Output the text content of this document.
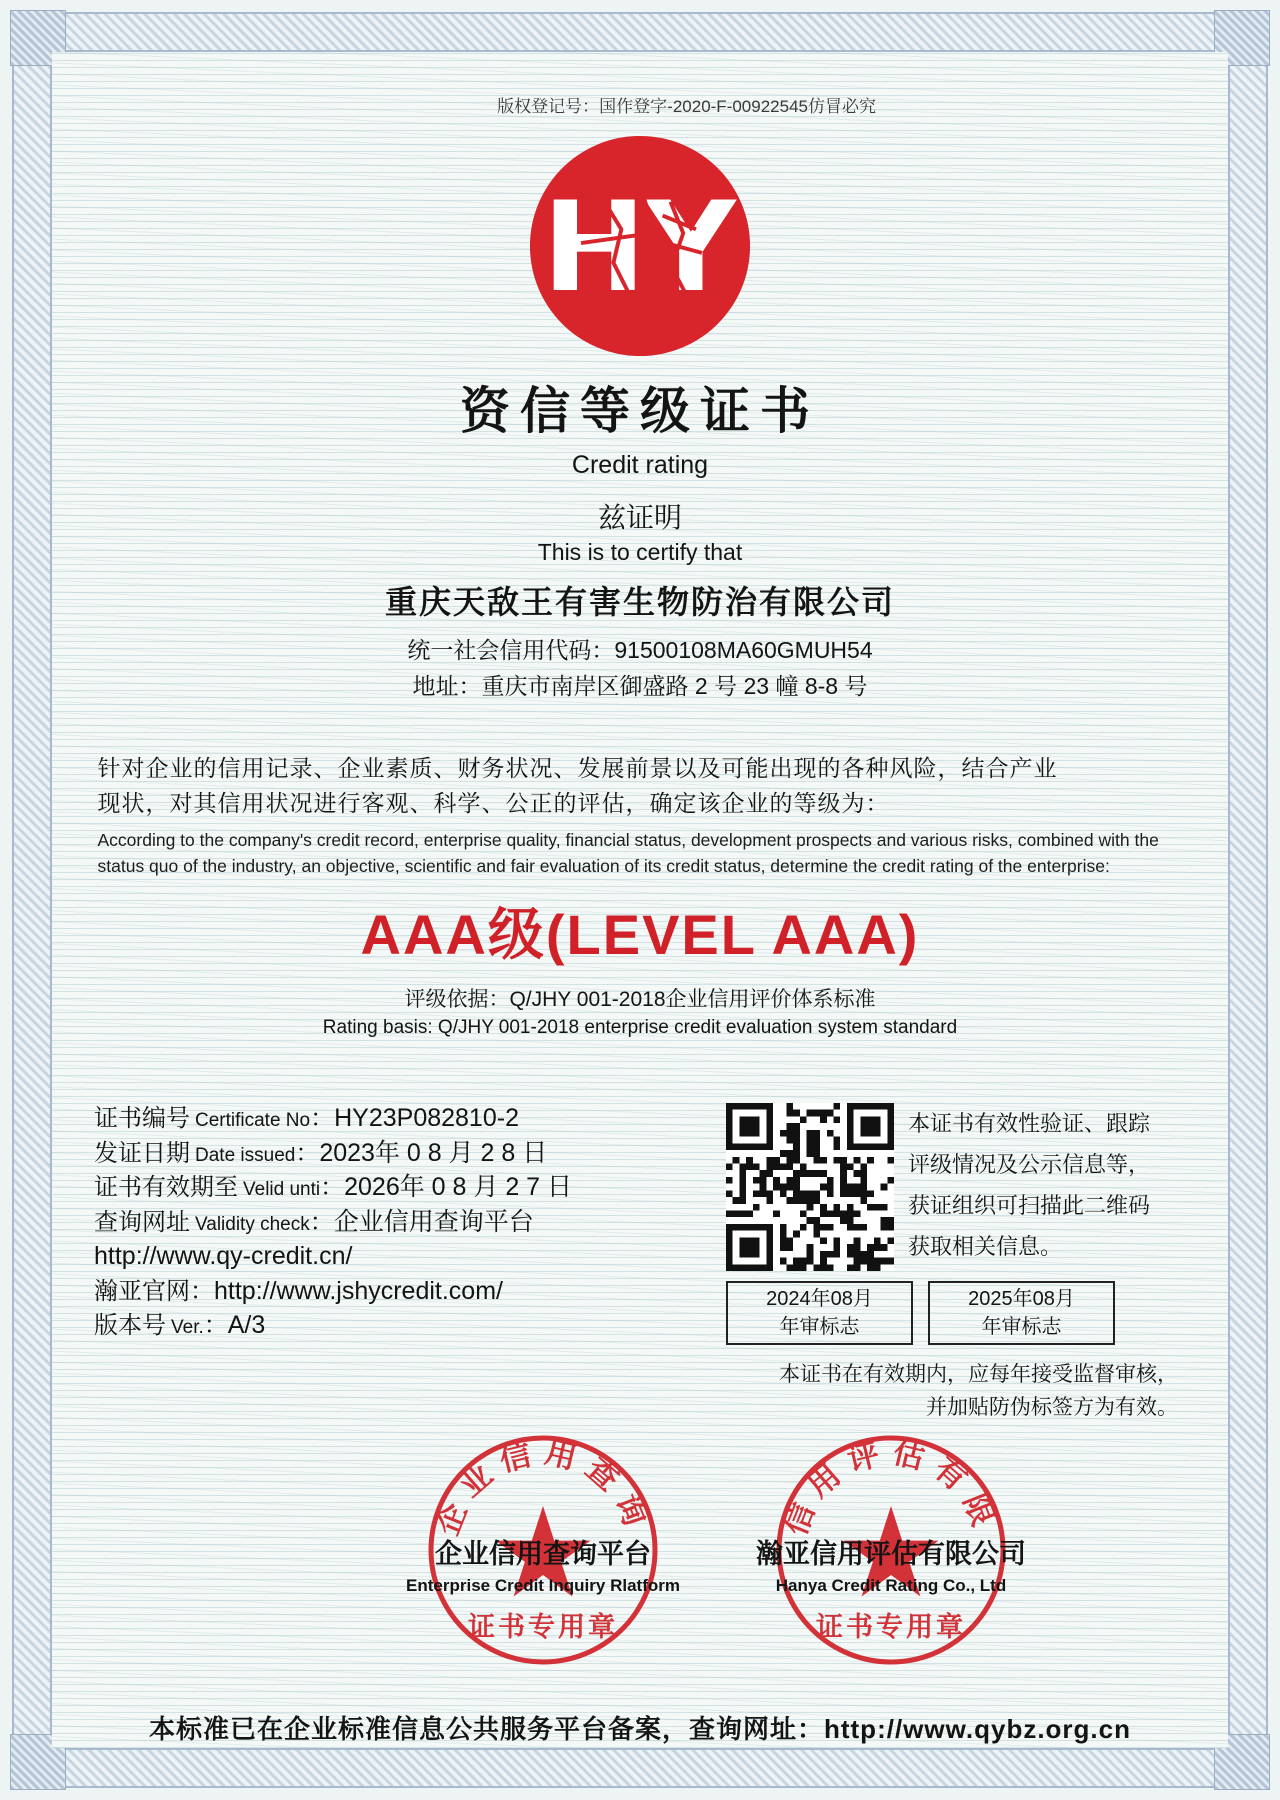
版权登记号：国作登字-2020-F-00922545仿冒必究
HY
资信等级证书
Credit rating
兹证明
This is to certify that
重庆天敌王有害生物防治有限公司
统一社会信用代码：91500108MA60GMUH54
地址：重庆市南岸区御盛路 2 号 23 幢 8-8 号
针对企业的信用记录、企业素质、财务状况、发展前景以及可能出现的各种风险，结合产业
现状，对其信用状况进行客观、科学、公正的评估，确定该企业的等级为：
According to the company's credit record, enterprise quality, financial status, development prospects and various risks, combined with the status quo of the industry, an objective, scientific and fair evaluation of its credit status, determine the credit rating of the enterprise:
AAA级(LEVEL AAA)
评级依据：Q/JHY 001-2018企业信用评价体系标准
Rating basis: Q/JHY 001-2018 enterprise credit evaluation system standard
证书编号 Certificate No：HY23P082810-2
发证日期 Date issued：2023年 0 8 月 2 8 日
证书有效期至 Velid unti：2026年 0 8 月 2 7 日
查询网址 Validity check：企业信用查询平台
http://www.qy-credit.cn/
瀚亚官网：http://www.jshycredit.com/
版本号 Ver.：A/3
本证书有效性验证、跟踪
评级情况及公示信息等，
获证组织可扫描此二维码
获取相关信息。
2024年08月
年审标志
2025年08月
年审标志
本证书在有效期内，应每年接受监督审核，
并加贴防伪标签方为有效。
企业信用查询
证书专用章
企业信用查询平台
Enterprise Credit Inquiry Rlatform
信用评估有限
证书专用章
瀚亚信用评估有限公司
Hanya Credit Rating Co., Ltd
本标准已在企业标准信息公共服务平台备案，查询网址：http://www.qybz.org.cn
